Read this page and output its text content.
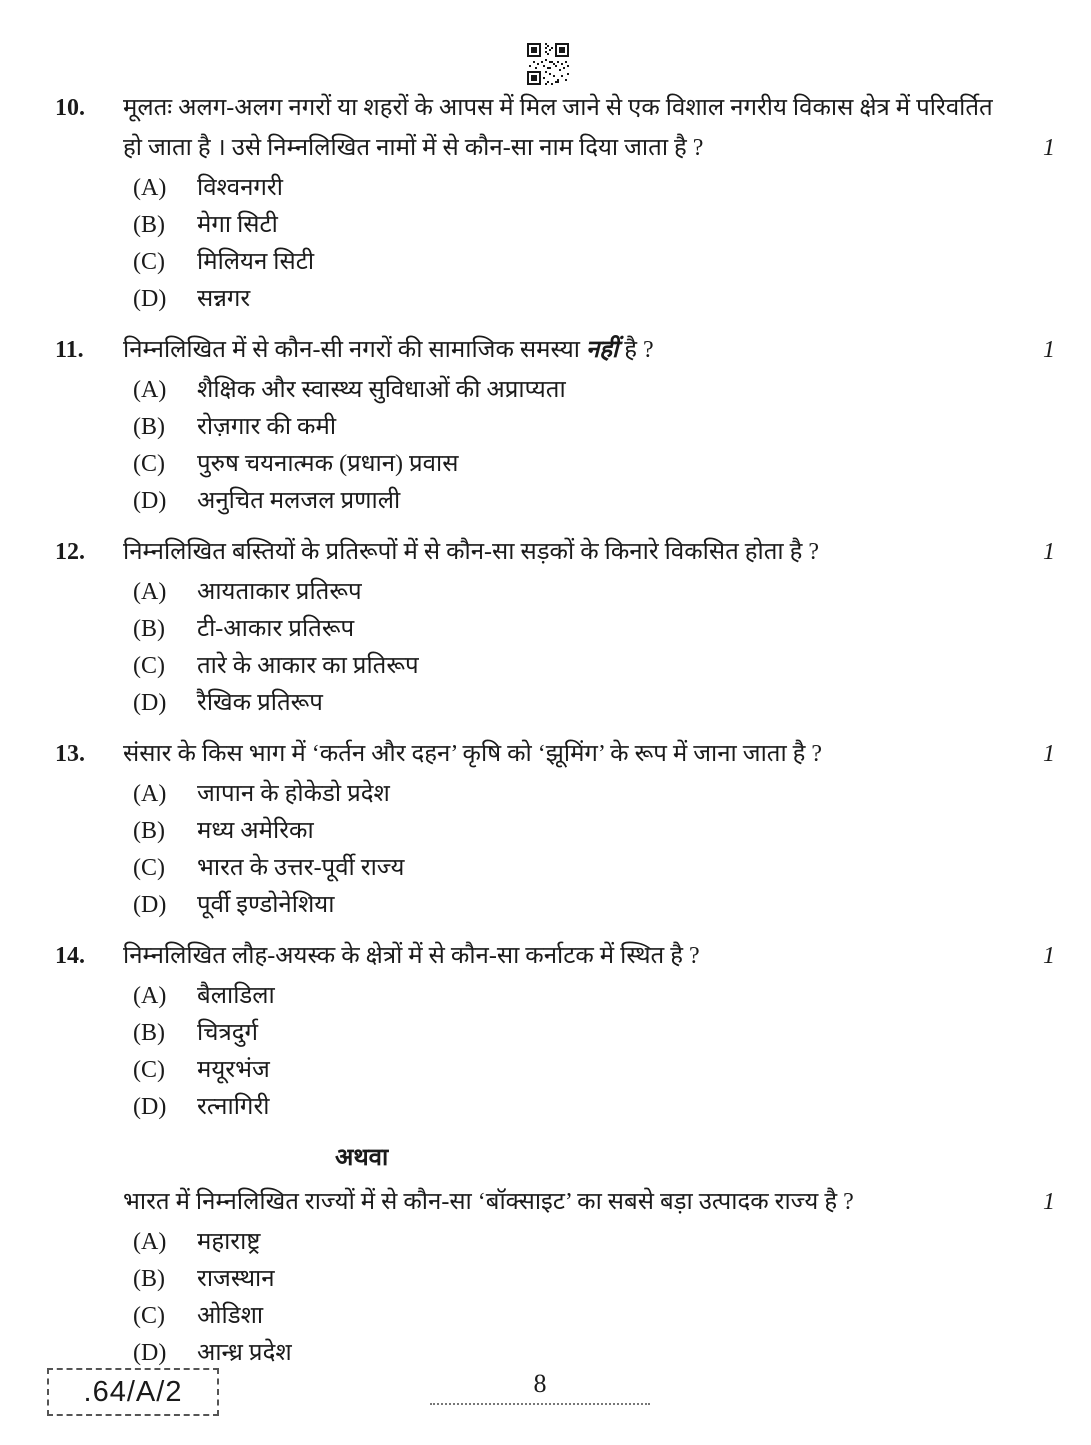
10.	मूलतः अलग-अलग नगरों या शहरों के आपस में मिल जाने से एक विशाल नगरीय विकास क्षेत्र में परिवर्तित हो जाता है । उसे निम्नलिखित नामों में से कौन-सा नाम दिया जाता है ?	1
(A)	विश्वनगरी
(B)	मेगा सिटी
(C)	मिलियन सिटी
(D)	सन्नगर
11.	निम्नलिखित में से कौन-सी नगरों की सामाजिक समस्या नहीं है ?	1
(A)	शैक्षिक और स्वास्थ्य सुविधाओं की अप्राप्यता
(B)	रोज़गार की कमी
(C)	पुरुष चयनात्मक (प्रधान) प्रवास
(D)	अनुचित मलजल प्रणाली
12.	निम्नलिखित बस्तियों के प्रतिरूपों में से कौन-सा सड़कों के किनारे विकसित होता है ?	1
(A)	आयताकार प्रतिरूप
(B)	टी-आकार प्रतिरूप
(C)	तारे के आकार का प्रतिरूप
(D)	रैखिक प्रतिरूप
13.	संसार के किस भाग में ‘कर्तन और दहन’ कृषि को ‘झूमिंग’ के रूप में जाना जाता है ?	1
(A)	जापान के होकेडो प्रदेश
(B)	मध्य अमेरिका
(C)	भारत के उत्तर-पूर्वी राज्य
(D)	पूर्वी इण्डोनेशिया
14.	निम्नलिखित लौह-अयस्क के क्षेत्रों में से कौन-सा कर्नाटक में स्थित है ?	1
(A)	बैलाडिला
(B)	चित्रदुर्ग
(C)	मयूरभंज
(D)	रत्नागिरी
अथवा
भारत में निम्नलिखित राज्यों में से कौन-सा ‘बॉक्साइट’ का सबसे बड़ा उत्पादक राज्य है ?	1
(A)	महाराष्ट्र
(B)	राजस्थान
(C)	ओडिशा
(D)	आन्ध्र प्रदेश
.64/A/2	8
